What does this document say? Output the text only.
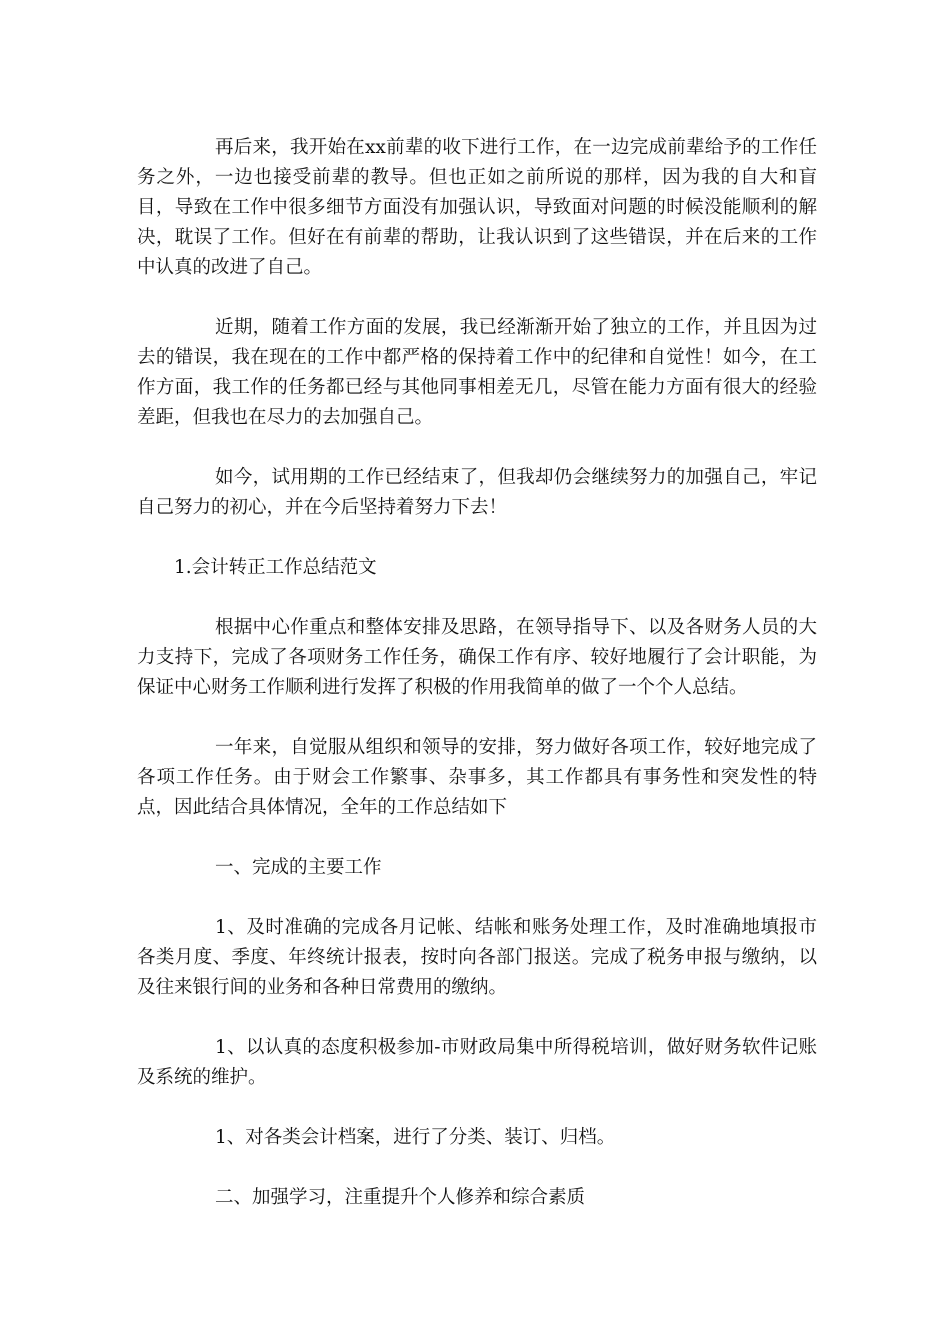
再后来，我开始在xx前辈的收下进行工作，在一边完成前辈给予的工作任务之外，一边也接受前辈的教导。但也正如之前所说的那样，因为我的自大和盲目，导致在工作中很多细节方面没有加强认识，导致面对问题的时候没能顺利的解决，耽误了工作。但好在有前辈的帮助，让我认识到了这些错误，并在后来的工作中认真的改进了自己。

近期，随着工作方面的发展，我已经渐渐开始了独立的工作，并且因为过去的错误，我在现在的工作中都严格的保持着工作中的纪律和自觉性！如今，在工作方面，我工作的任务都已经与其他同事相差无几，尽管在能力方面有很大的经验差距，但我也在尽力的去加强自己。

如今，试用期的工作已经结束了，但我却仍会继续努力的加强自己，牢记自己努力的初心，并在今后坚持着努力下去！

1.会计转正工作总结范文

根据中心作重点和整体安排及思路，在领导指导下、以及各财务人员的大力支持下，完成了各项财务工作任务，确保工作有序、较好地履行了会计职能，为保证中心财务工作顺利进行发挥了积极的作用我简单的做了一个个人总结。

一年来，自觉服从组织和领导的安排，努力做好各项工作，较好地完成了各项工作任务。由于财会工作繁事、杂事多，其工作都具有事务性和突发性的特点，因此结合具体情况，全年的工作总结如下

一、完成的主要工作

1、及时准确的完成各月记帐、结帐和账务处理工作，及时准确地填报市各类月度、季度、年终统计报表，按时向各部门报送。完成了税务申报与缴纳，以及往来银行间的业务和各种日常费用的缴纳。

1、以认真的态度积极参加-市财政局集中所得税培训，做好财务软件记账及系统的维护。

1、对各类会计档案，进行了分类、装订、归档。

二、加强学习，注重提升个人修养和综合素质
